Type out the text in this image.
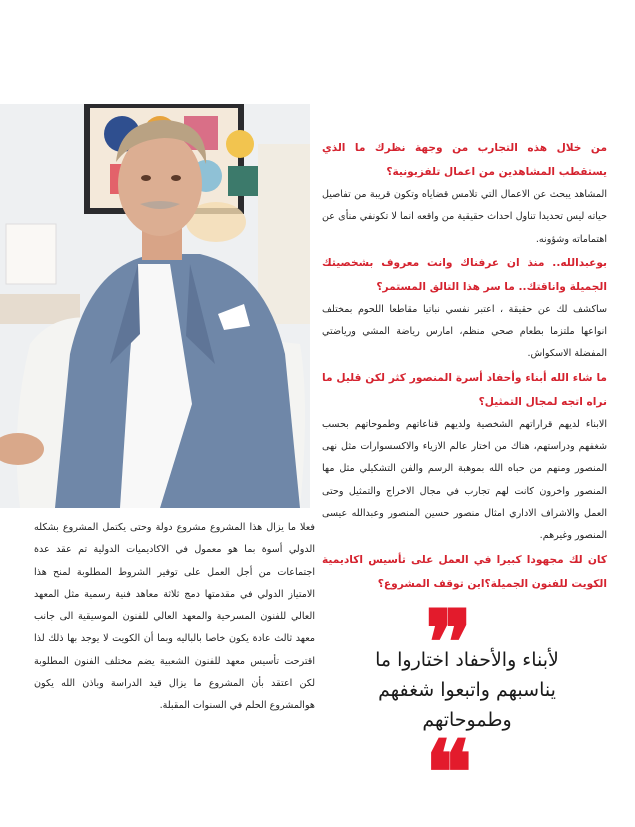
من خلال هذه التجارب من وجهة نظرك ما الذي يستقطب المشاهدين من اعمال تلفزيونية؟

المشاهد يبحث عن الاعمال التي تلامس قضاياه وتكون قريبة من تفاصيل حياته ليس تحديدا تناول احداث حقيقية من واقعه انما لا تكونفي منأى عن اهتماماته وشؤونه.

بوعبدالله.. منذ ان عرفناك وانت معروف بشخصيتك الجميلة واناقتك.. ما سر هذا التالق المستمر؟

ساكشف لك عن حقيقة ، اعتبر نفسي نباتيا مقاطعا اللحوم بمختلف انواعها ملتزما بطعام صحي منظم، امارس رياضة المشي ورياضتي المفضلة الاسكواش.

ما شاء الله أبناء وأحفاد أسرة المنصور كثر لكن قليل ما نراه اتجه لمجال التمثيل؟

الابناء لديهم قراراتهم الشخصية ولديهم قناعاتهم وطموحاتهم بحسب شغفهم ودراستهم، هناك من اختار عالم الازياء والاكسسوارات مثل نهى المنصور ومنهم من حباه الله بموهبة الرسم والفن التشكيلي مثل مها المنصور واخرون كانت لهم تجارب في مجال الاخراج والتمثيل وحتى العمل والاشراف الاداري امثال منصور حسين المنصور وعبدالله عيسى المنصور وغيرهم.

كان لك مجهودا كبيرا في العمل على تأسيس اكاديمية الكويت للفنون الجميلة؟اين توقف المشروع؟

فعلا ما يزال هذا المشروع مشروع دولة وحتى يكتمل المشروع بشكله الدولي أسوة بما هو معمول في الاكاديميات الدولية تم عقد عدة اجتماعات من أجل العمل على توفير الشروط المطلوبة لمنح هذا الامتياز الدولي في مقدمتها دمج ثلاثة معاهد فنية رسمية مثل المعهد العالي للفنون المسرحية والمعهد العالي للفنون الموسيقية الى جانب معهد ثالث عادة يكون خاصا بالباليه وبما أن الكويت لا يوجد بها ذلك لذا اقترحت تأسيس معهد للفنون الشعبية يضم مختلف الفنون المطلوبة لكن اعتقد بأن المشروع ما يزال قيد الدراسة وباذن الله يكون هوالمشروع الحلم في السنوات المقبلة.

❞
لأبناء والأحفاد اختاروا ما
يناسبهم واتبعوا شغفهم
وطموحاتهم
❝
